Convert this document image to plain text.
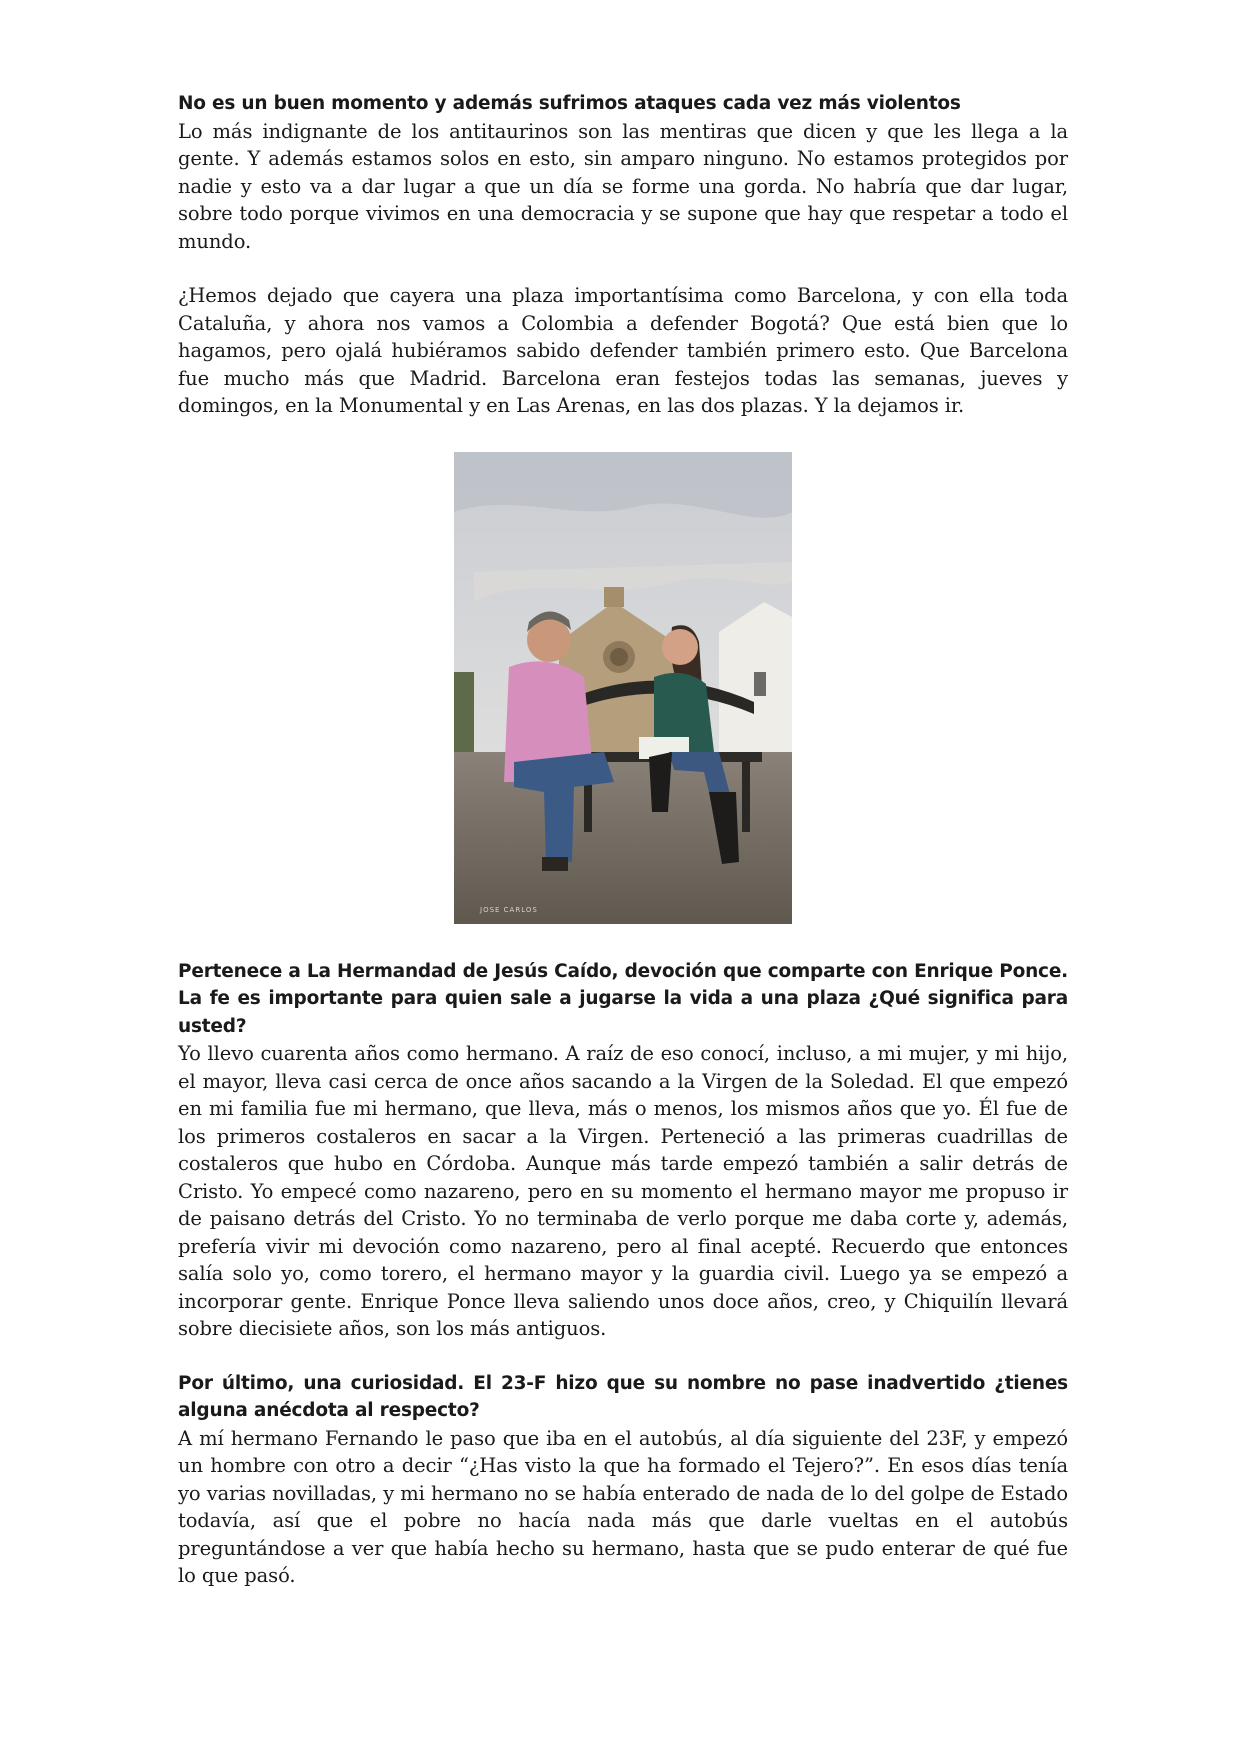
No es un buen momento y además sufrimos ataques cada vez más violentos

Lo más indignante de los antitaurinos son las mentiras que dicen y que les llega a la gente. Y además estamos solos en esto, sin amparo ninguno. No estamos protegidos por nadie y esto va a dar lugar a que un día se forme una gorda. No habría que dar lugar, sobre todo porque vivimos en una democracia y se supone que hay que respetar a todo el mundo.

¿Hemos dejado que cayera una plaza importantísima como Barcelona, y con ella toda Cataluña, y ahora nos vamos a Colombia a defender Bogotá? Que está bien que lo hagamos, pero ojalá hubiéramos sabido defender también primero esto. Que Barcelona fue mucho más que Madrid. Barcelona eran festejos todas las semanas, jueves y domingos, en la Monumental y en Las Arenas, en las dos plazas. Y la dejamos ir.

JOSE CARLOS

Pertenece a La Hermandad de Jesús Caído, devoción que comparte con Enrique Ponce. La fe es importante para quien sale a jugarse la vida a una plaza ¿Qué significa para usted?

Yo llevo cuarenta años como hermano. A raíz de eso conocí, incluso, a mi mujer, y mi hijo, el mayor, lleva casi cerca de once años sacando a la Virgen de la Soledad. El que empezó en mi familia fue mi hermano, que lleva, más o menos, los mismos años que yo. Él fue de los primeros costaleros en sacar a la Virgen. Perteneció a las primeras cuadrillas de costaleros que hubo en Córdoba. Aunque más tarde empezó también a salir detrás de Cristo. Yo empecé como nazareno, pero en su momento el hermano mayor me propuso ir de paisano detrás del Cristo. Yo no terminaba de verlo porque me daba corte y, además, prefería vivir mi devoción como nazareno, pero al final acepté. Recuerdo que entonces salía solo yo, como torero, el hermano mayor y la guardia civil. Luego ya se empezó a incorporar gente. Enrique Ponce lleva saliendo unos doce años, creo, y Chiquilín llevará sobre diecisiete años, son los más antiguos.

Por último, una curiosidad. El 23-F hizo que su nombre no pase inadvertido ¿tienes alguna anécdota al respecto?

A mí hermano Fernando le paso que iba en el autobús, al día siguiente del 23F, y empezó un hombre con otro a decir “¿Has visto la que ha formado el Tejero?”. En esos días tenía yo varias novilladas, y mi hermano no se había enterado de nada de lo del golpe de Estado todavía, así que el pobre no hacía nada más que darle vueltas en el autobús preguntándose a ver que había hecho su hermano, hasta que se pudo enterar de qué fue lo que pasó.
